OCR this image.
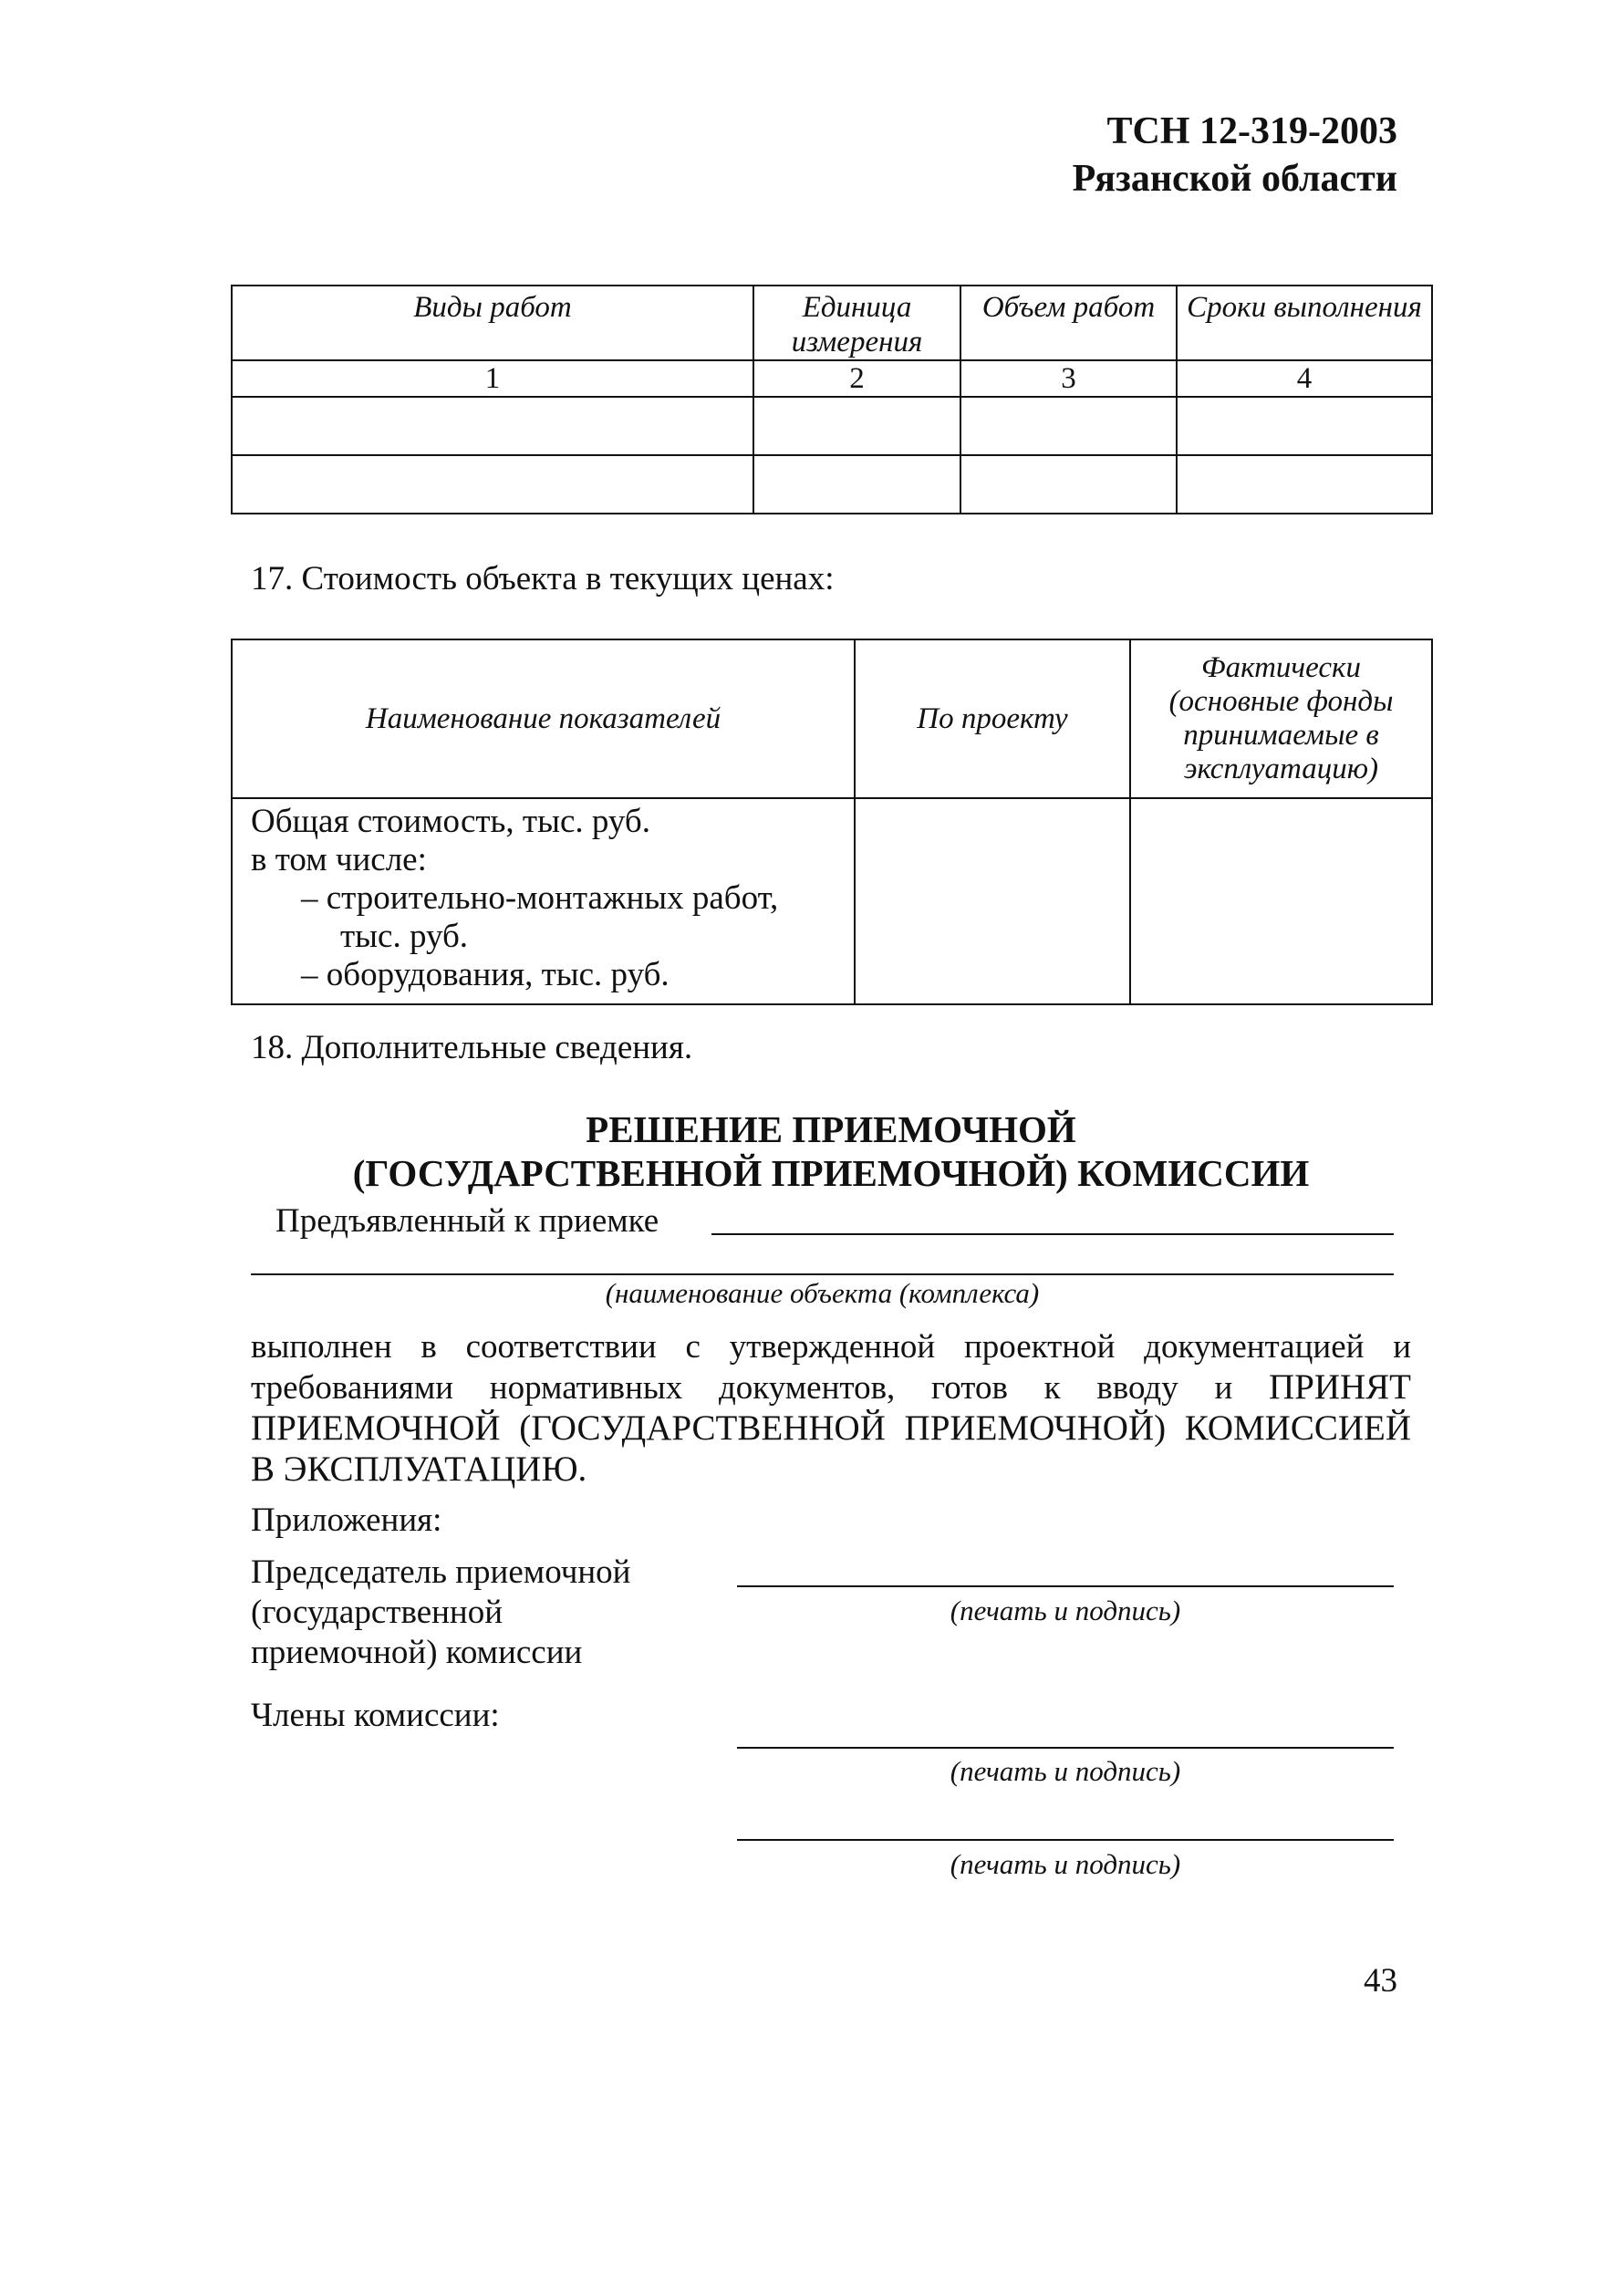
ТСН 12-319-2003
Рязанской области
Виды работ	Единица измерения	Объем работ	Сроки выполнения
1	2	3	4

17. Стоимость объекта в текущих ценах:
Наименование показателей	По проекту	Фактически (основные фонды принимаемые в эксплуатацию)

Общая стоимость, тыс. руб.
в том числе:
– строительно-монтажных работ,
тыс. руб.
– оборудования, тыс. руб.		

18. Дополнительные сведения.
РЕШЕНИЕ ПРИЕМОЧНОЙ
(ГОСУДАРСТВЕННОЙ ПРИЕМОЧНОЙ) КОМИССИИ
Предъявленный к приемке
(наименование объекта (комплекса)
выполнен в соответствии с утвержденной проектной документацией и требованиями нормативных документов, готов к вводу и ПРИНЯТ ПРИЕМОЧНОЙ (ГОСУДАРСТВЕННОЙ ПРИЕМОЧНОЙ) КОМИССИЕЙ В ЭКСПЛУАТАЦИЮ.
Приложения:
Председатель приемочной
(государственной
приемочной) комиссии
(печать и подпись)
Члены комиссии:
(печать и подпись)
(печать и подпись)
43
